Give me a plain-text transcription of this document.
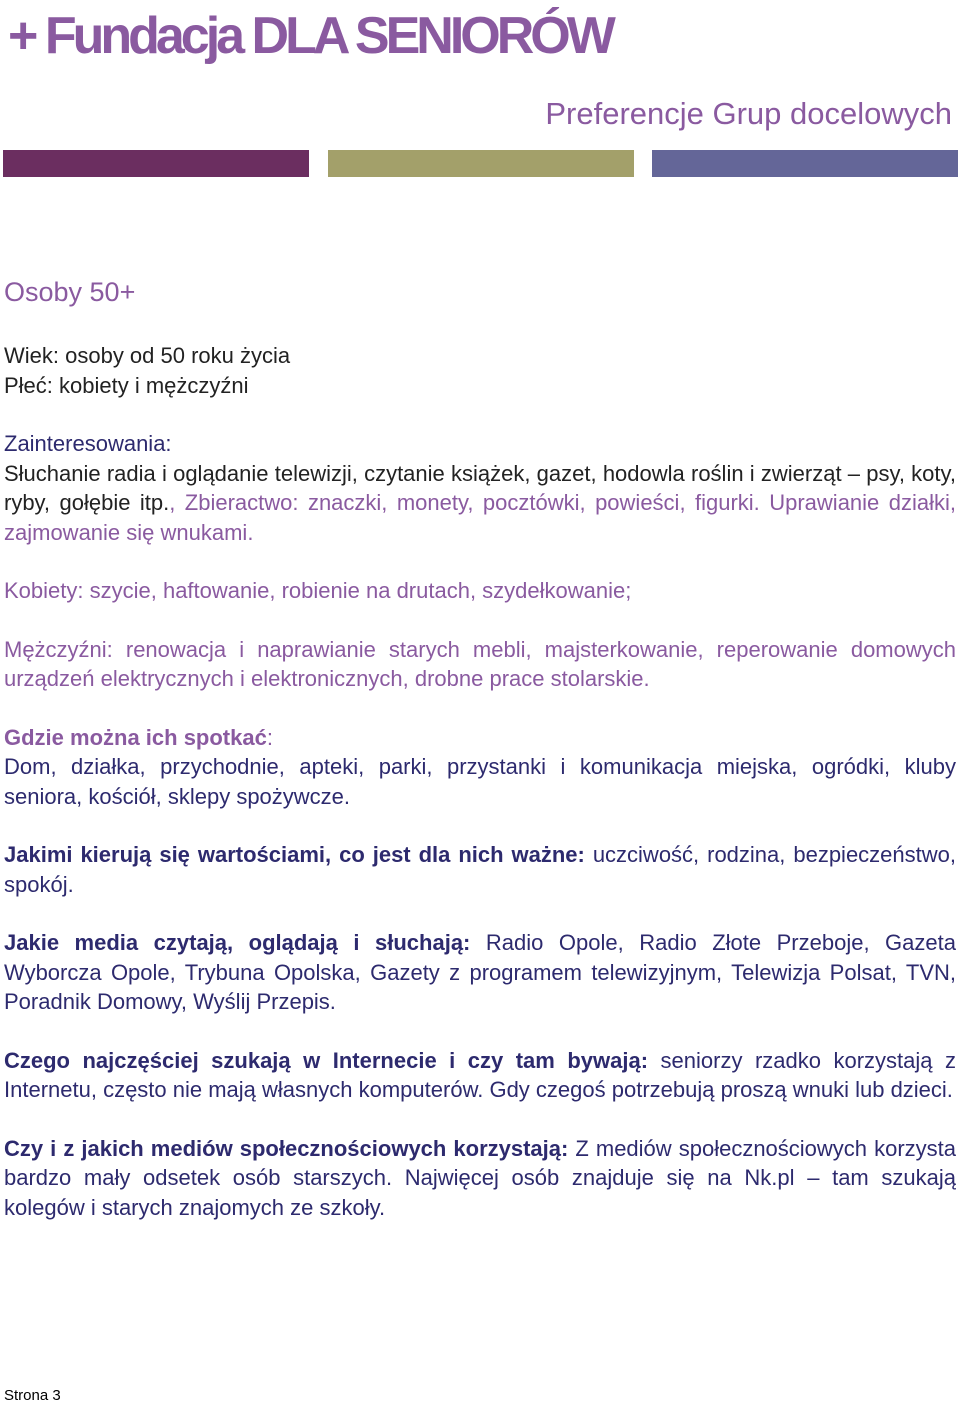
+ Fundacja DLA SENIORÓW
Preferencje Grup docelowych
Osoby 50+

Wiek: osoby od 50 roku życia

Płeć: kobiety i mężczyźni

Zainteresowania:

Słuchanie radia i oglądanie telewizji, czytanie książek, gazet, hodowla roślin i zwierząt – psy, koty, ryby, gołębie itp., Zbieractwo: znaczki, monety, pocztówki, powieści, figurki. Uprawianie działki, zajmowanie się wnukami.

Kobiety: szycie, haftowanie, robienie na drutach, szydełkowanie;

Mężczyźni: renowacja i naprawianie starych mebli, majsterkowanie, reperowanie domowych urządzeń elektrycznych i elektronicznych, drobne prace stolarskie.

Gdzie można ich spotkać:

Dom, działka, przychodnie, apteki, parki, przystanki i komunikacja miejska, ogródki, kluby seniora, kościół, sklepy spożywcze.

Jakimi kierują się wartościami, co jest dla nich ważne: uczciwość, rodzina, bezpieczeństwo, spokój.

Jakie media czytają, oglądają i słuchają: Radio Opole, Radio Złote Przeboje, Gazeta Wyborcza Opole, Trybuna Opolska, Gazety z programem telewizyjnym, Telewizja Polsat, TVN, Poradnik Domowy, Wyślij Przepis.

Czego najczęściej szukają w Internecie i czy tam bywają: seniorzy rzadko korzystają z Internetu, często nie mają własnych komputerów. Gdy czegoś potrzebują proszą wnuki lub dzieci.

Czy i z jakich mediów społecznościowych korzystają: Z mediów społecznościowych korzysta bardzo mały odsetek osób starszych. Najwięcej osób znajduje się na Nk.pl – tam szukają kolegów i starych znajomych ze szkoły.

Strona 3
